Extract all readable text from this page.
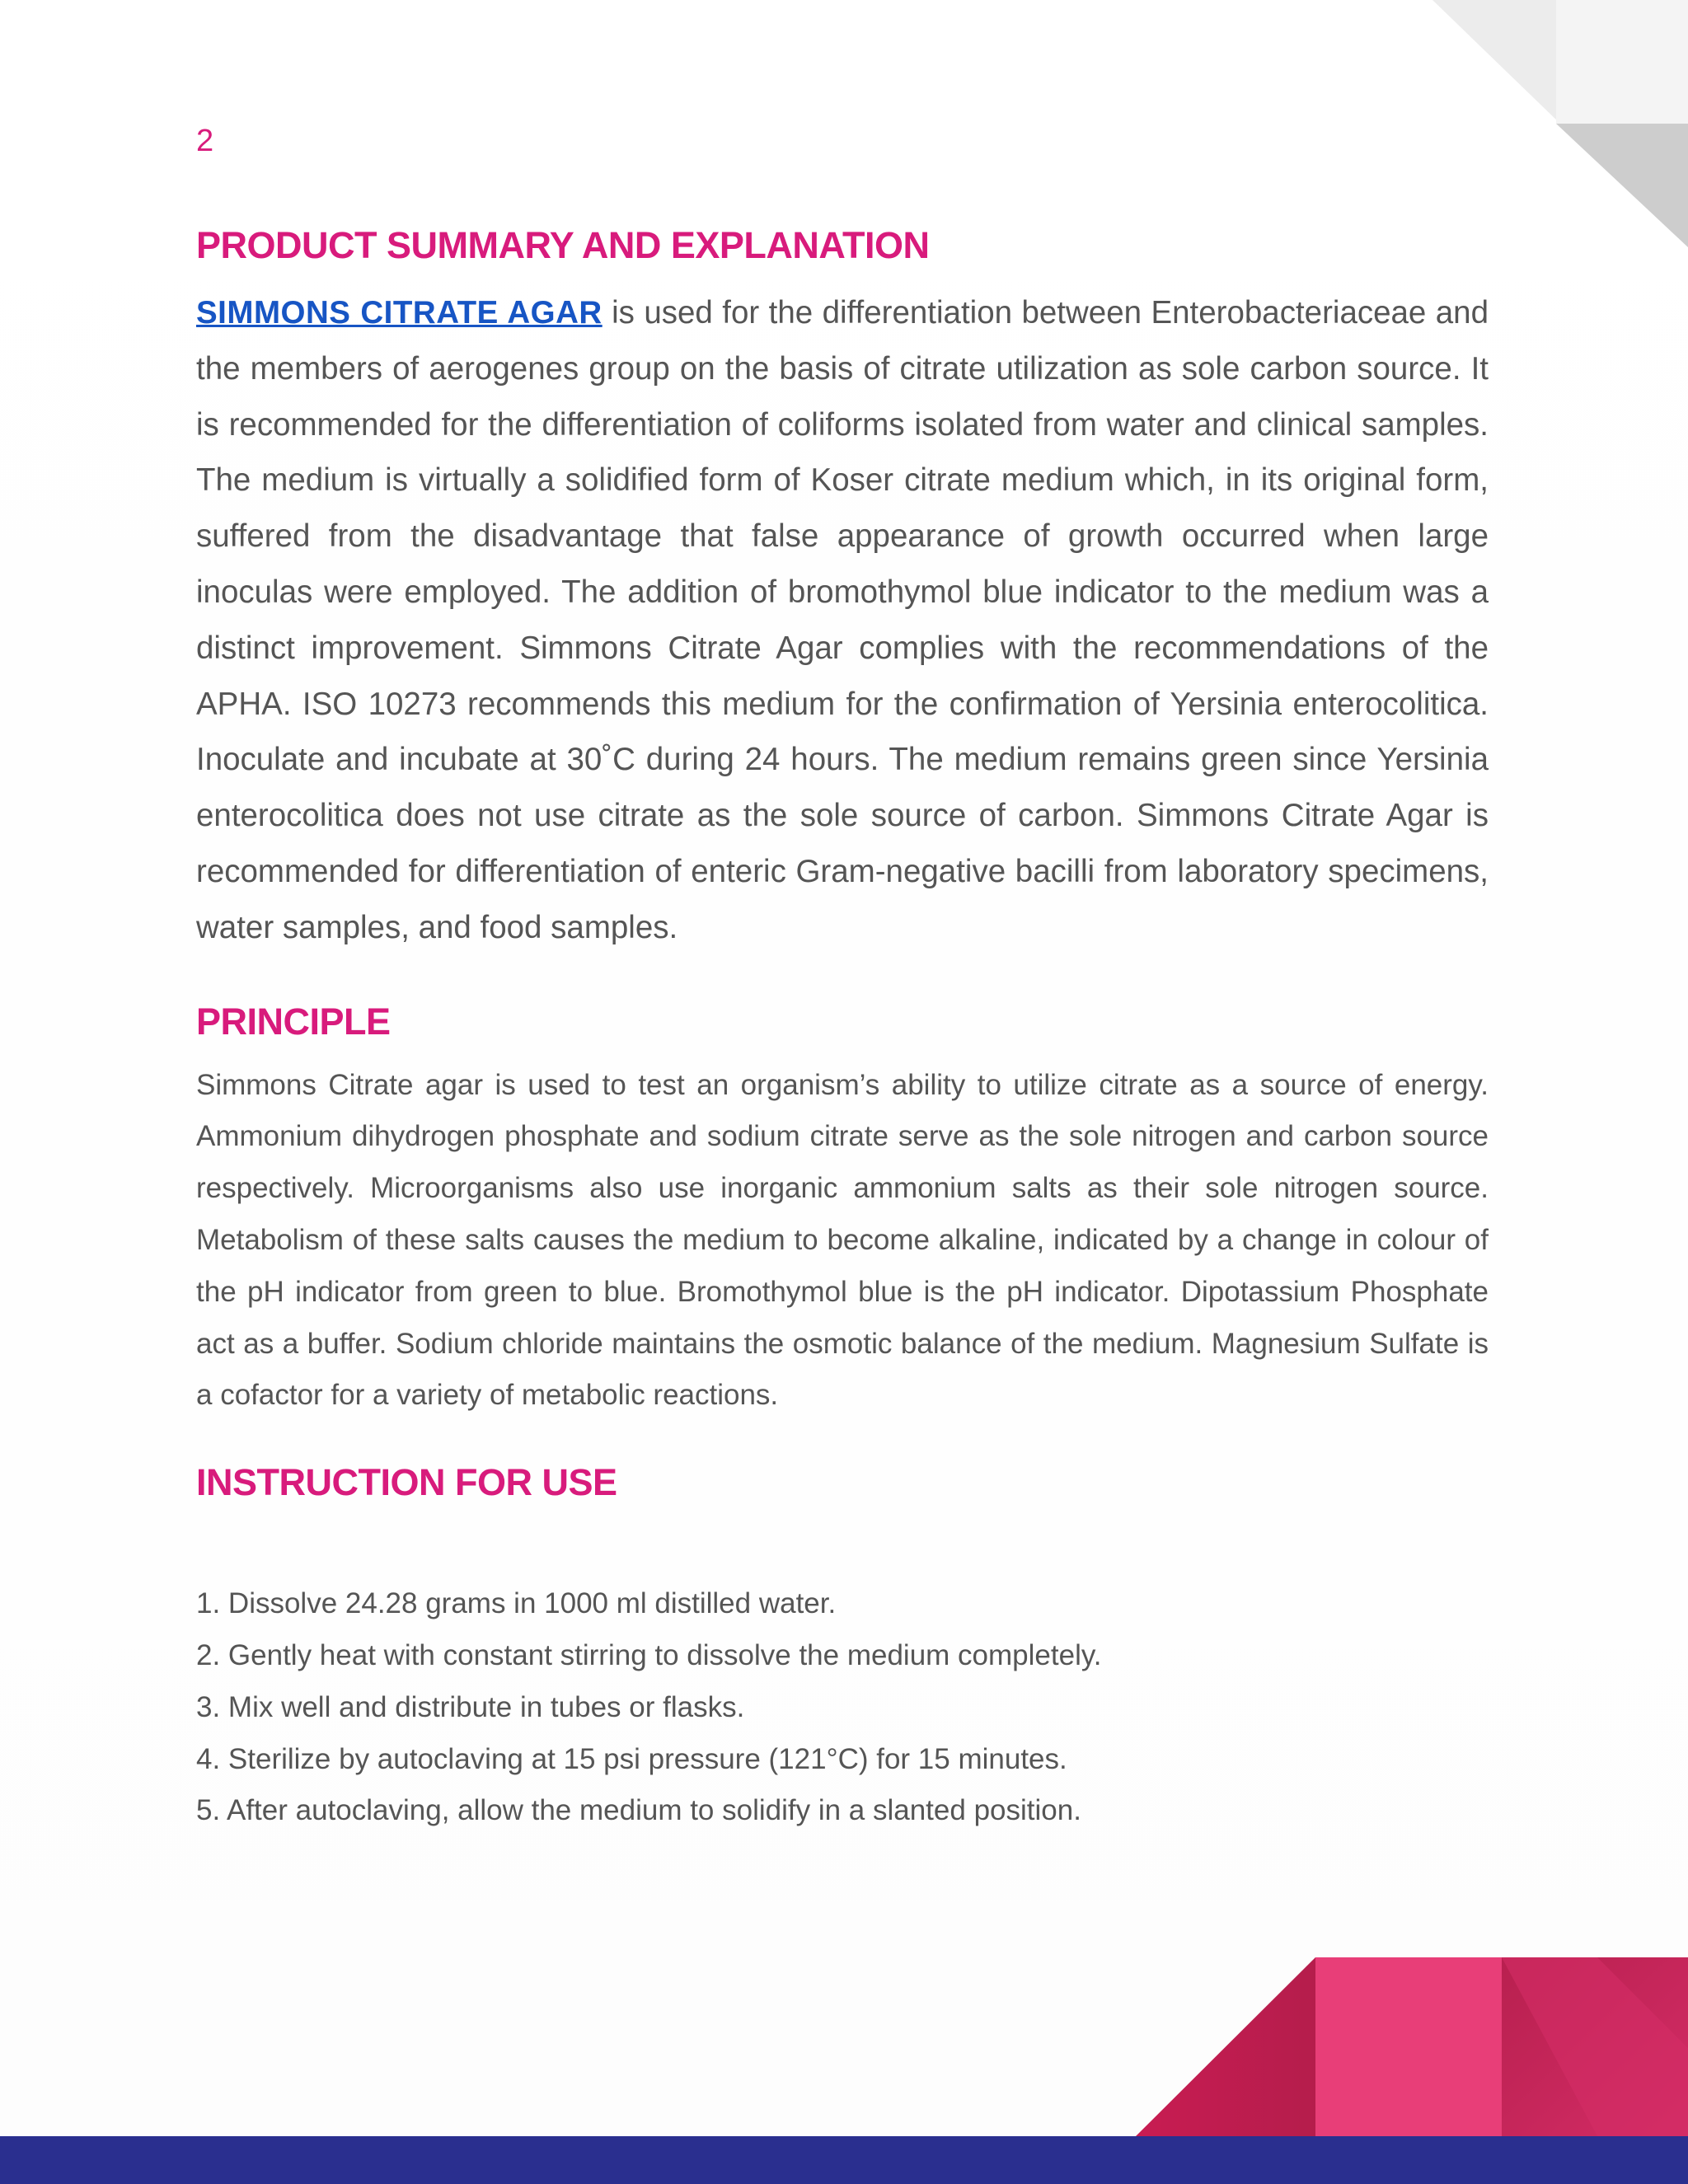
2
PRODUCT SUMMARY AND EXPLANATION

SIMMONS CITRATE AGAR is used for the differentiation between Enterobacteriaceae and the members of aerogenes group on the basis of citrate utilization as sole carbon source. It is recommended for the differentiation of coliforms isolated from water and clinical samples. The medium is virtually a solidified form of Koser citrate medium which, in its original form, suffered from the disadvantage that false appearance of growth occurred when large inoculas were employed. The addition of bromothymol blue indicator to the medium was a distinct improvement. Simmons Citrate Agar complies with the recommendations of the APHA. ISO 10273 recommends this medium for the confirmation of Yersinia enterocolitica. Inoculate and incubate at 30˚C during 24 hours. The medium remains green since Yersinia enterocolitica does not use citrate as the sole source of carbon. Simmons Citrate Agar is recommended for differentiation of enteric Gram-negative bacilli from laboratory specimens, water samples, and food samples.

PRINCIPLE

Simmons Citrate agar is used to test an organism’s ability to utilize citrate as a source of energy. Ammonium dihydrogen phosphate and sodium citrate serve as the sole nitrogen and carbon source respectively. Microorganisms also use inorganic ammonium salts as their sole nitrogen source. Metabolism of these salts causes the medium to become alkaline, indicated by a change in colour of the pH indicator from green to blue. Bromothymol blue is the pH indicator. Dipotassium Phosphate act as a buffer. Sodium chloride maintains the osmotic balance of the medium. Magnesium Sulfate is a cofactor for a variety of metabolic reactions.

INSTRUCTION FOR USE
1. Dissolve 24.28 grams in 1000 ml distilled water.
2. Gently heat with constant stirring to dissolve the medium completely.
3. Mix well and distribute in tubes or flasks.
4. Sterilize by autoclaving at 15 psi pressure (121°C) for 15 minutes.
5. After autoclaving, allow the medium to solidify in a slanted position.
